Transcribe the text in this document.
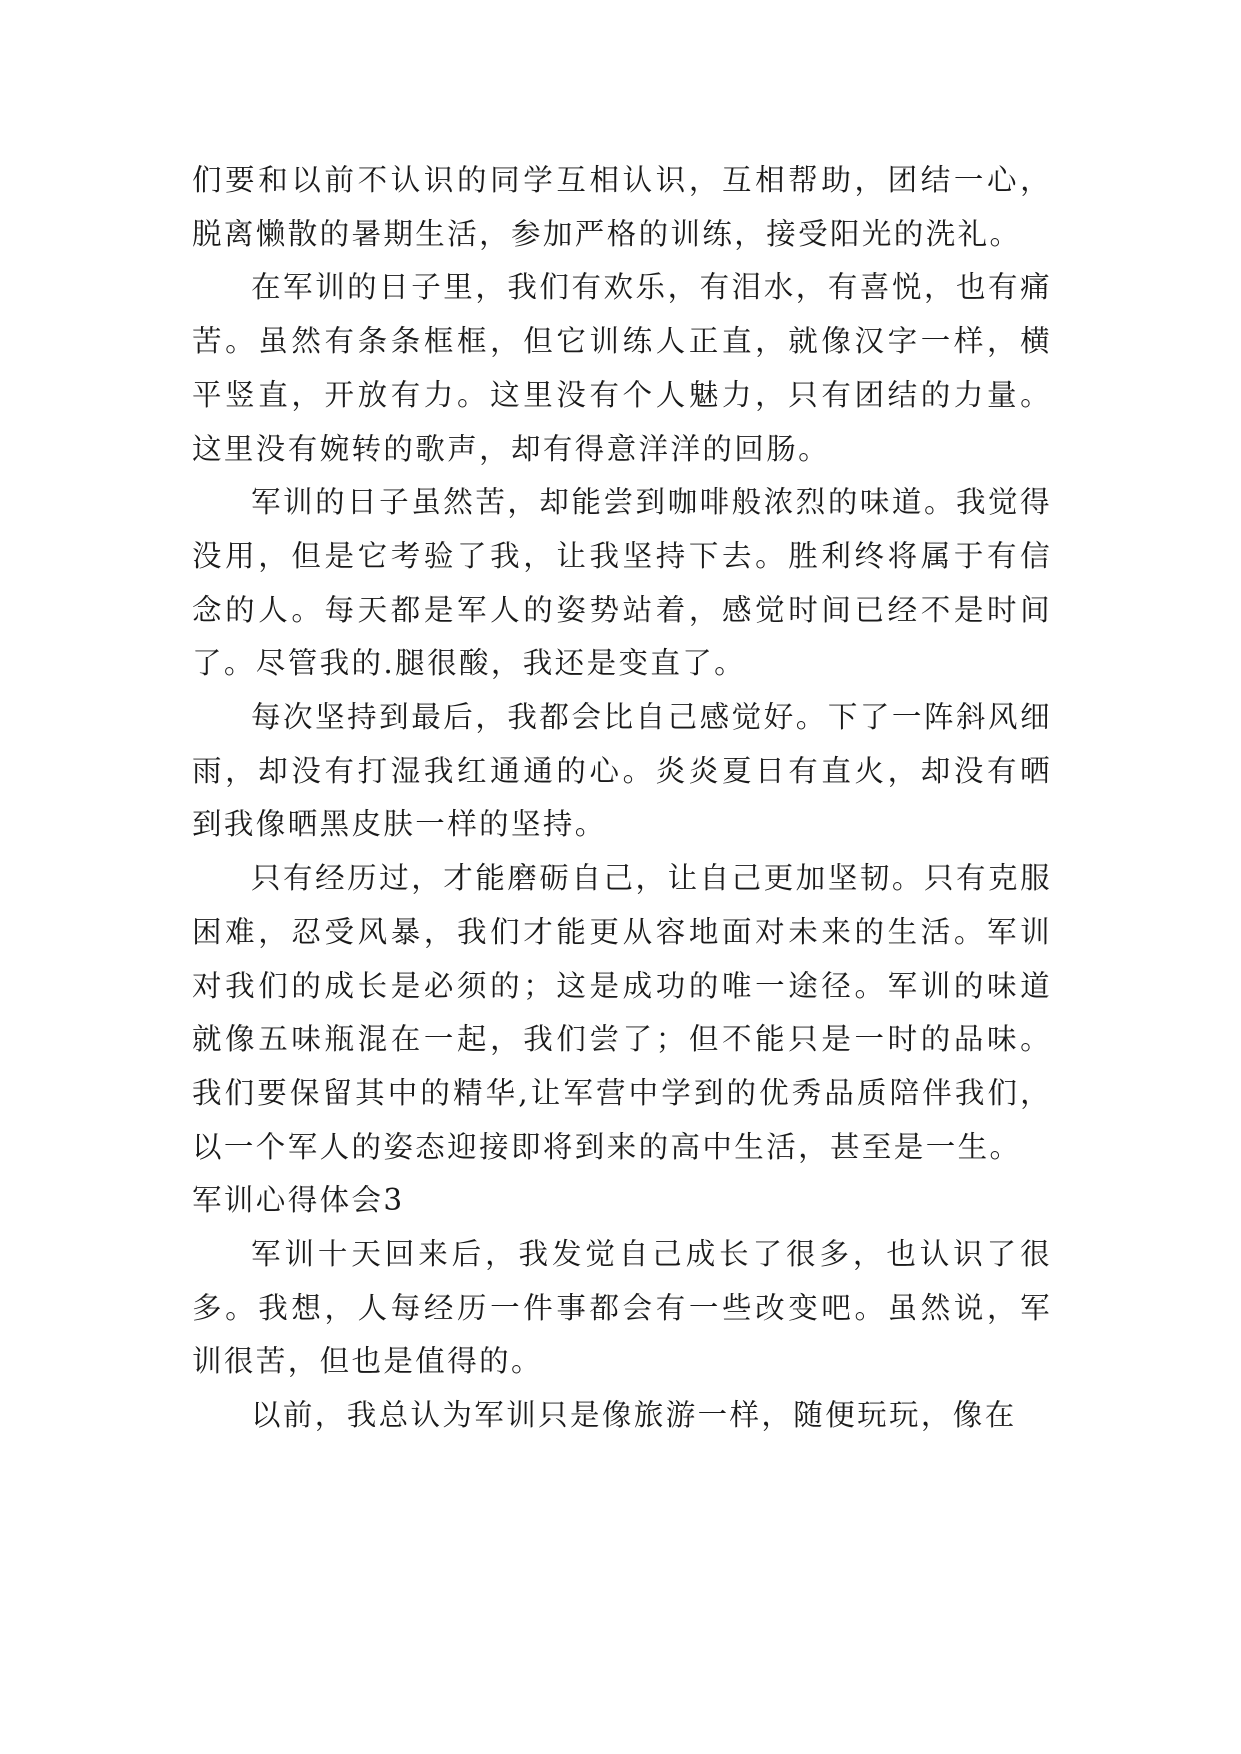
们要和以前不认识的同学互相认识，互相帮助，团结一心，脱离懒散的暑期生活，参加严格的训练，接受阳光的洗礼。

在军训的日子里，我们有欢乐，有泪水，有喜悦，也有痛苦。虽然有条条框框，但它训练人正直，就像汉字一样，横平竖直，开放有力。这里没有个人魅力，只有团结的力量。这里没有婉转的歌声，却有得意洋洋的回肠。

军训的日子虽然苦，却能尝到咖啡般浓烈的味道。我觉得没用，但是它考验了我，让我坚持下去。胜利终将属于有信念的人。每天都是军人的姿势站着，感觉时间已经不是时间了。尽管我的.腿很酸，我还是变直了。

每次坚持到最后，我都会比自己感觉好。下了一阵斜风细雨，却没有打湿我红通通的心。炎炎夏日有直火，却没有晒到我像晒黑皮肤一样的坚持。

只有经历过，才能磨砺自己，让自己更加坚韧。只有克服困难，忍受风暴，我们才能更从容地面对未来的生活。军训对我们的成长是必须的；这是成功的唯一途径。军训的味道就像五味瓶混在一起，我们尝了；但不能只是一时的品味。我们要保留其中的精华,让军营中学到的优秀品质陪伴我们，以一个军人的姿态迎接即将到来的高中生活，甚至是一生。

军训心得体会3

军训十天回来后，我发觉自己成长了很多，也认识了很多。我想，人每经历一件事都会有一些改变吧。虽然说，军训很苦，但也是值得的。

以前，我总认为军训只是像旅游一样，随便玩玩，像在
